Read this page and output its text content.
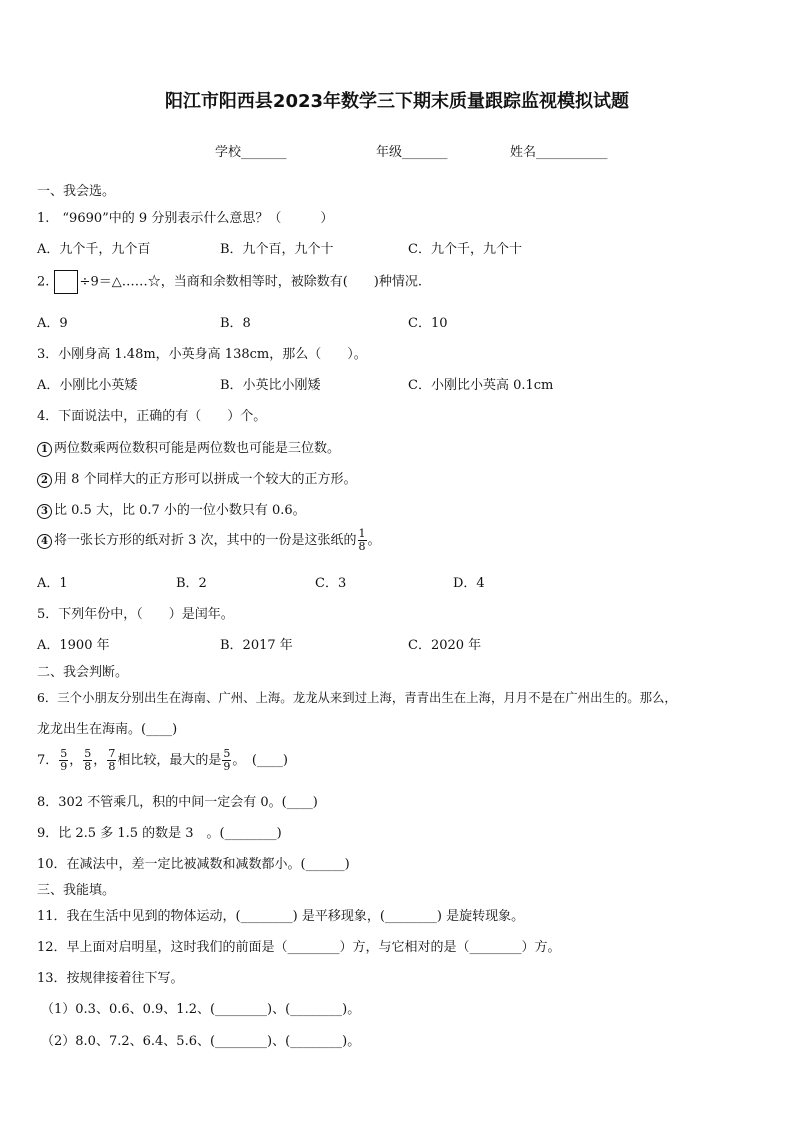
阳江市阳西县2023年数学三下期末质量跟踪监视模拟试题
学校_______	年级_______	姓名___________
一、我会选。
1.　“9690”中的 9 分别表示什么意思？（　　　）
A．九个千，九个百	B．九个百，九个十	C．九个千，九个十
2. ÷9＝△……☆，当商和余数相等时，被除数有(　　)种情况.
A．9	B．8	C．10
3．小刚身高 1.48m，小英身高 138cm，那么（　　）。
A．小刚比小英矮	B．小英比小刚矮	C．小刚比小英高 0.1cm
4．下面说法中，正确的有（　　）个。
1 两位数乘两位数积可能是两位数也可能是三位数。
2 用 8 个同样大的正方形可以拼成一个较大的正方形。
3 比 0.5 大，比 0.7 小的一位小数只有 0.6。
4 将一张长方形的纸对折 3 次，其中的一份是这张纸的 $\frac{1}{8}$ 。
A．1	B．2	C．3	D．4
5．下列年份中，（　　）是闰年。
A．1900 年	B．2017 年	C．2020 年
二、我会判断。
6．三个小朋友分别出生在海南、广州、上海。龙龙从来到过上海，青青出生在上海，月月不是在广州出生的。那么，
龙龙出生在海南。(____)
7． $\frac{5}{9}$ ， $\frac{5}{8}$ ， $\frac{7}{8}$ 相比较，最大的是 $\frac{5}{9}$ 。　(____)
8．302 不管乘几，积的中间一定会有 0。(____)
9．比 2.5 多 1.5 的数是 3　。(________)
10．在减法中，差一定比被减数和减数都小。(______)
三、我能填。
11．我在生活中见到的物体运动，(________) 是平移现象，(________) 是旋转现象。
12．早上面对启明星，这时我们的前面是（________）方，与它相对的是（________）方。
13．按规律接着往下写。
（1）0.3、0.6、0.9、1.2、(________)、(________)。
（2）8.0、7.2、6.4、5.6、(________)、(________)。
